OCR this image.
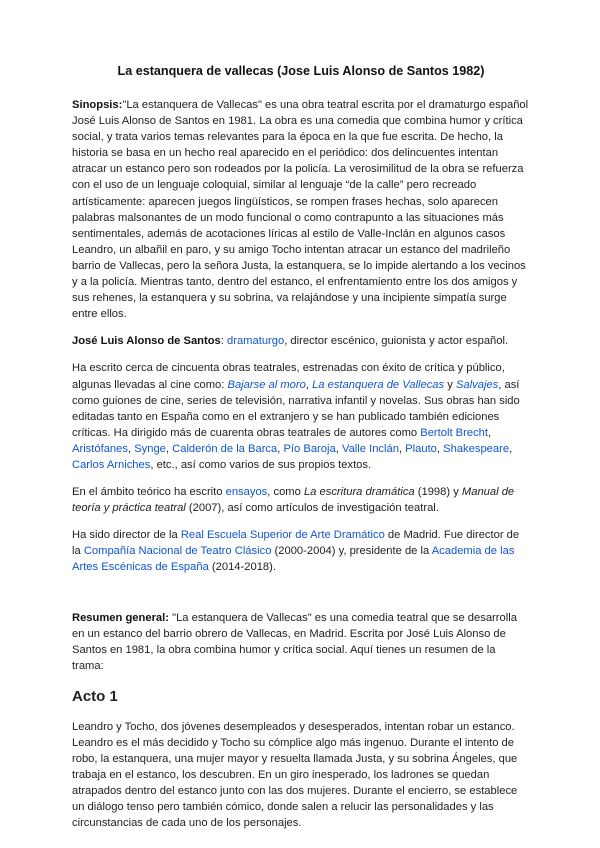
La estanquera de vallecas (Jose Luis Alonso de Santos 1982)

Sinopsis:"La estanquera de Vallecas" es una obra teatral escrita por el dramaturgo español José Luis Alonso de Santos en 1981. La obra es una comedia que combina humor y crítica social, y trata varios temas relevantes para la época en la que fue escrita. De hecho, la historia se basa en un hecho real aparecido en el periódico: dos delincuentes intentan atracar un estanco pero son rodeados por la policía. La verosimilitud de la obra se refuerza con el uso de un lenguaje coloquial, similar al lenguaje “de la calle” pero recreado artísticamente: aparecen juegos lingüísticos, se rompen frases hechas, solo aparecen palabras malsonantes de un modo funcional o como contrapunto a las situaciones más sentimentales, además de acotaciones líricas al estilo de Valle-Inclán en algunos casos Leandro, un albañil en paro, y su amigo Tocho intentan atracar un estanco del madrileño barrio de Vallecas, pero la señora Justa, la estanquera, se lo impide alertando a los vecinos y a la policía. Mientras tanto, dentro del estanco, el enfrentamiento entre los dos amigos y sus rehenes, la estanquera y su sobrina, va relajándose y una incipiente simpatía surge entre ellos.

José Luis Alonso de Santos: dramaturgo, director escénico, guionista y actor español.

Ha escrito cerca de cincuenta obras teatrales, estrenadas con éxito de crítica y público, algunas llevadas al cine como: Bajarse al moro, La estanquera de Vallecas y Salvajes, así como guiones de cine, series de televisión, narrativa infantil y novelas. Sus obras han sido editadas tanto en España como en el extranjero y se han publicado también ediciones críticas. Ha dirigido más de cuarenta obras teatrales de autores como Bertolt Brecht, Aristófanes, Synge, Calderón de la Barca, Pío Baroja, Valle Inclán, Plauto, Shakespeare, Carlos Arniches, etc., así como varios de sus propios textos.

En el ámbito teórico ha escrito ensayos, como La escritura dramática (1998) y Manual de teoría y práctica teatral (2007), así como artículos de investigación teatral.

Ha sido director de la Real Escuela Superior de Arte Dramático de Madrid. Fue director de la Compañía Nacional de Teatro Clásico (2000-2004) y, presidente de la Academia de las Artes Escénicas de España (2014-2018).

Resumen general: "La estanquera de Vallecas" es una comedia teatral que se desarrolla en un estanco del barrio obrero de Vallecas, en Madrid. Escrita por José Luis Alonso de Santos en 1981, la obra combina humor y crítica social. Aquí tienes un resumen de la trama:

Acto 1

Leandro y Tocho, dos jóvenes desempleados y desesperados, intentan robar un estanco. Leandro es el más decidido y Tocho su cómplice algo más ingenuo. Durante el intento de robo, la estanquera, una mujer mayor y resuelta llamada Justa, y su sobrina Ángeles, que trabaja en el estanco, los descubren. En un giro inesperado, los ladrones se quedan atrapados dentro del estanco junto con las dos mujeres. Durante el encierro, se establece un diálogo tenso pero también cómico, donde salen a relucir las personalidades y las circunstancias de cada uno de los personajes.
